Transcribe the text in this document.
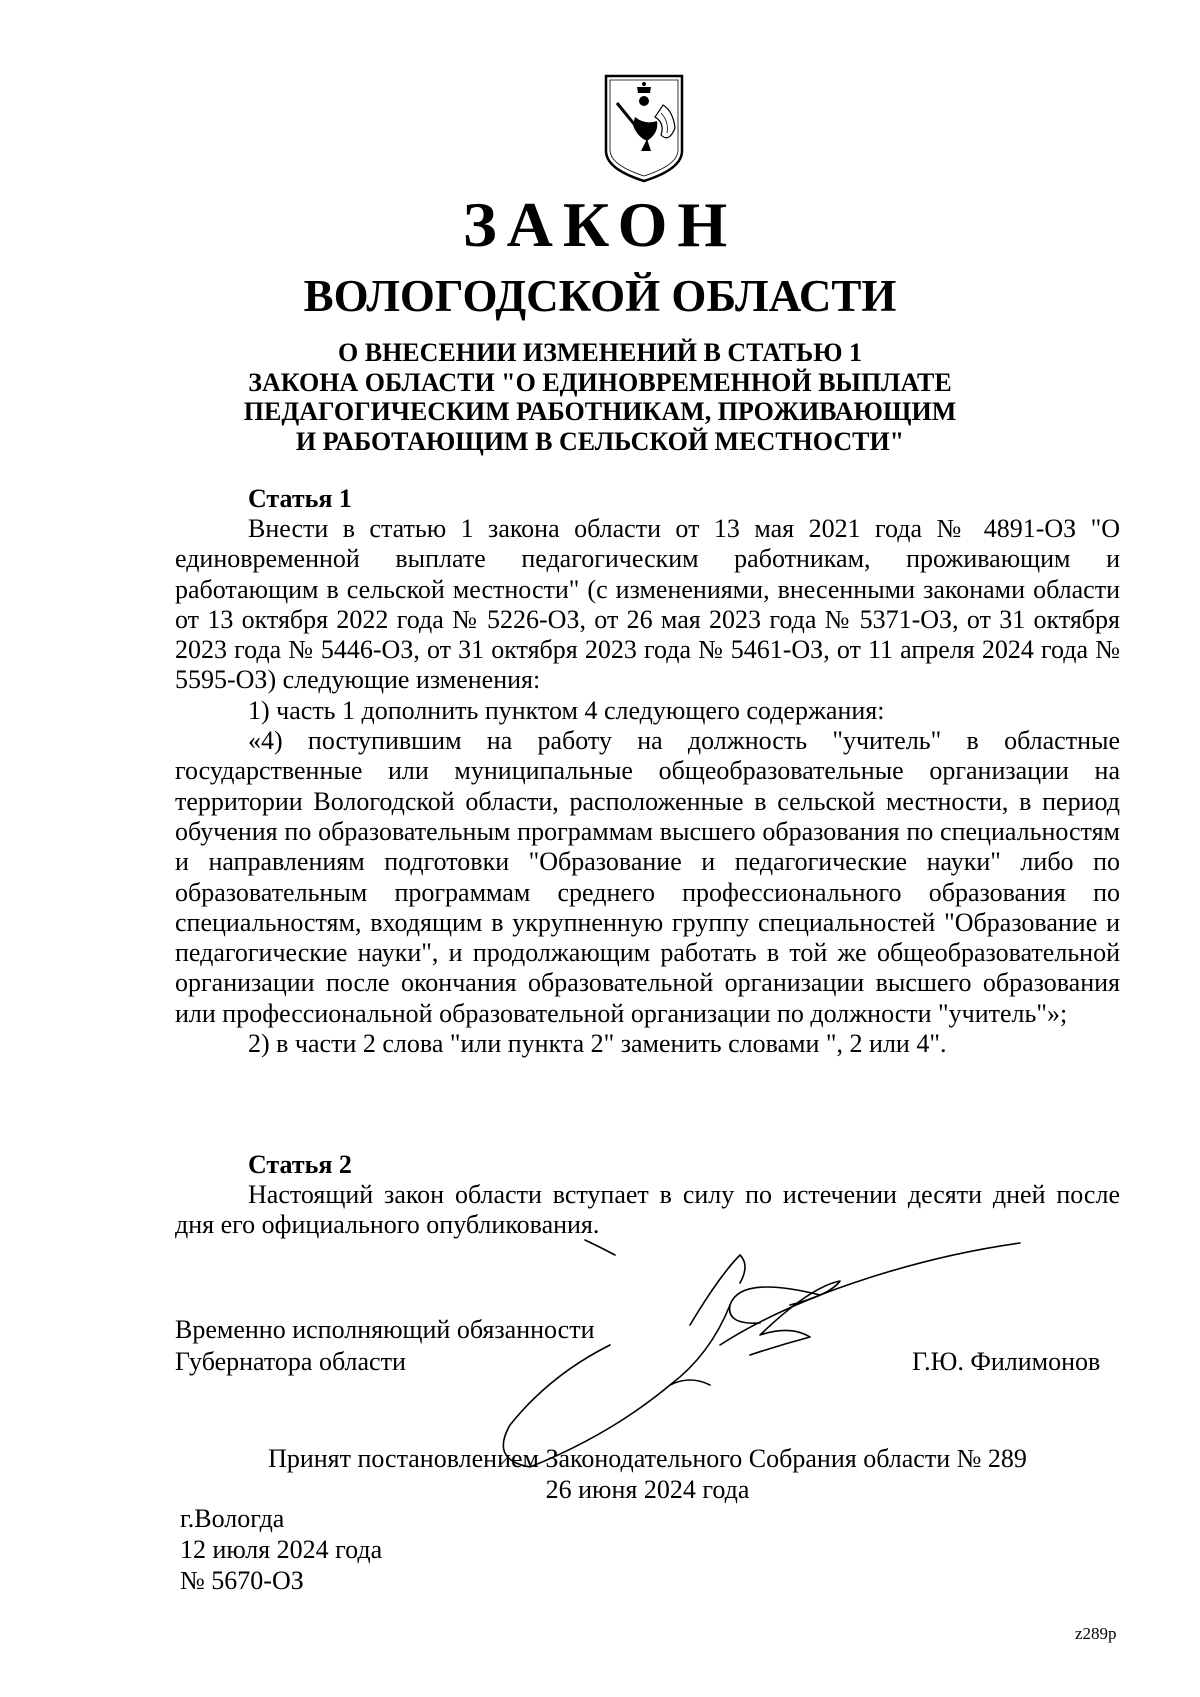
ЗАКОН
ВОЛОГОДСКОЙ ОБЛАСТИ
О ВНЕСЕНИИ ИЗМЕНЕНИЙ В СТАТЬЮ 1
ЗАКОНА ОБЛАСТИ "О ЕДИНОВРЕМЕННОЙ ВЫПЛАТЕ
ПЕДАГОГИЧЕСКИМ РАБОТНИКАМ, ПРОЖИВАЮЩИМ
И РАБОТАЮЩИМ В СЕЛЬСКОЙ МЕСТНОСТИ"
Статья 1

Внести в статью 1 закона области от 13 мая 2021 года № 4891-ОЗ "О единовременной выплате педагогическим работникам, проживающим и работающим в сельской местности" (с изменениями, внесенными законами области от 13 октября 2022 года № 5226-ОЗ, от 26 мая 2023 года № 5371-ОЗ, от 31 октября 2023 года № 5446-ОЗ, от 31 октября 2023 года № 5461-ОЗ, от 11 апреля 2024 года № 5595-ОЗ) следующие изменения:

1) часть 1 дополнить пунктом 4 следующего содержания:

«4) поступившим на работу на должность "учитель" в областные государственные или муниципальные общеобразовательные организации на территории Вологодской области, расположенные в сельской местности, в период обучения по образовательным программам высшего образования по специальностям и направлениям подготовки "Образование и педагогические науки" либо по образовательным программам среднего профессионального образования по специальностям, входящим в укрупненную группу специальностей "Образование и педагогические науки", и продолжающим работать в той же общеобразовательной организации после окончания образовательной организации высшего образования или профессиональной образовательной организации по должности "учитель"»;

2) в части 2 слова "или пункта 2" заменить словами ", 2 или 4".

Статья 2

Настоящий закон области вступает в силу по истечении десяти дней после дня его официального опубликования.

Временно исполняющий обязанности
Губернатора области	Г.Ю. Филимонов
Принят постановлением Законодательного Собрания области № 289
26 июня 2024 года
г.Вологда
12 июля 2024 года
№ 5670-ОЗ
z289р
